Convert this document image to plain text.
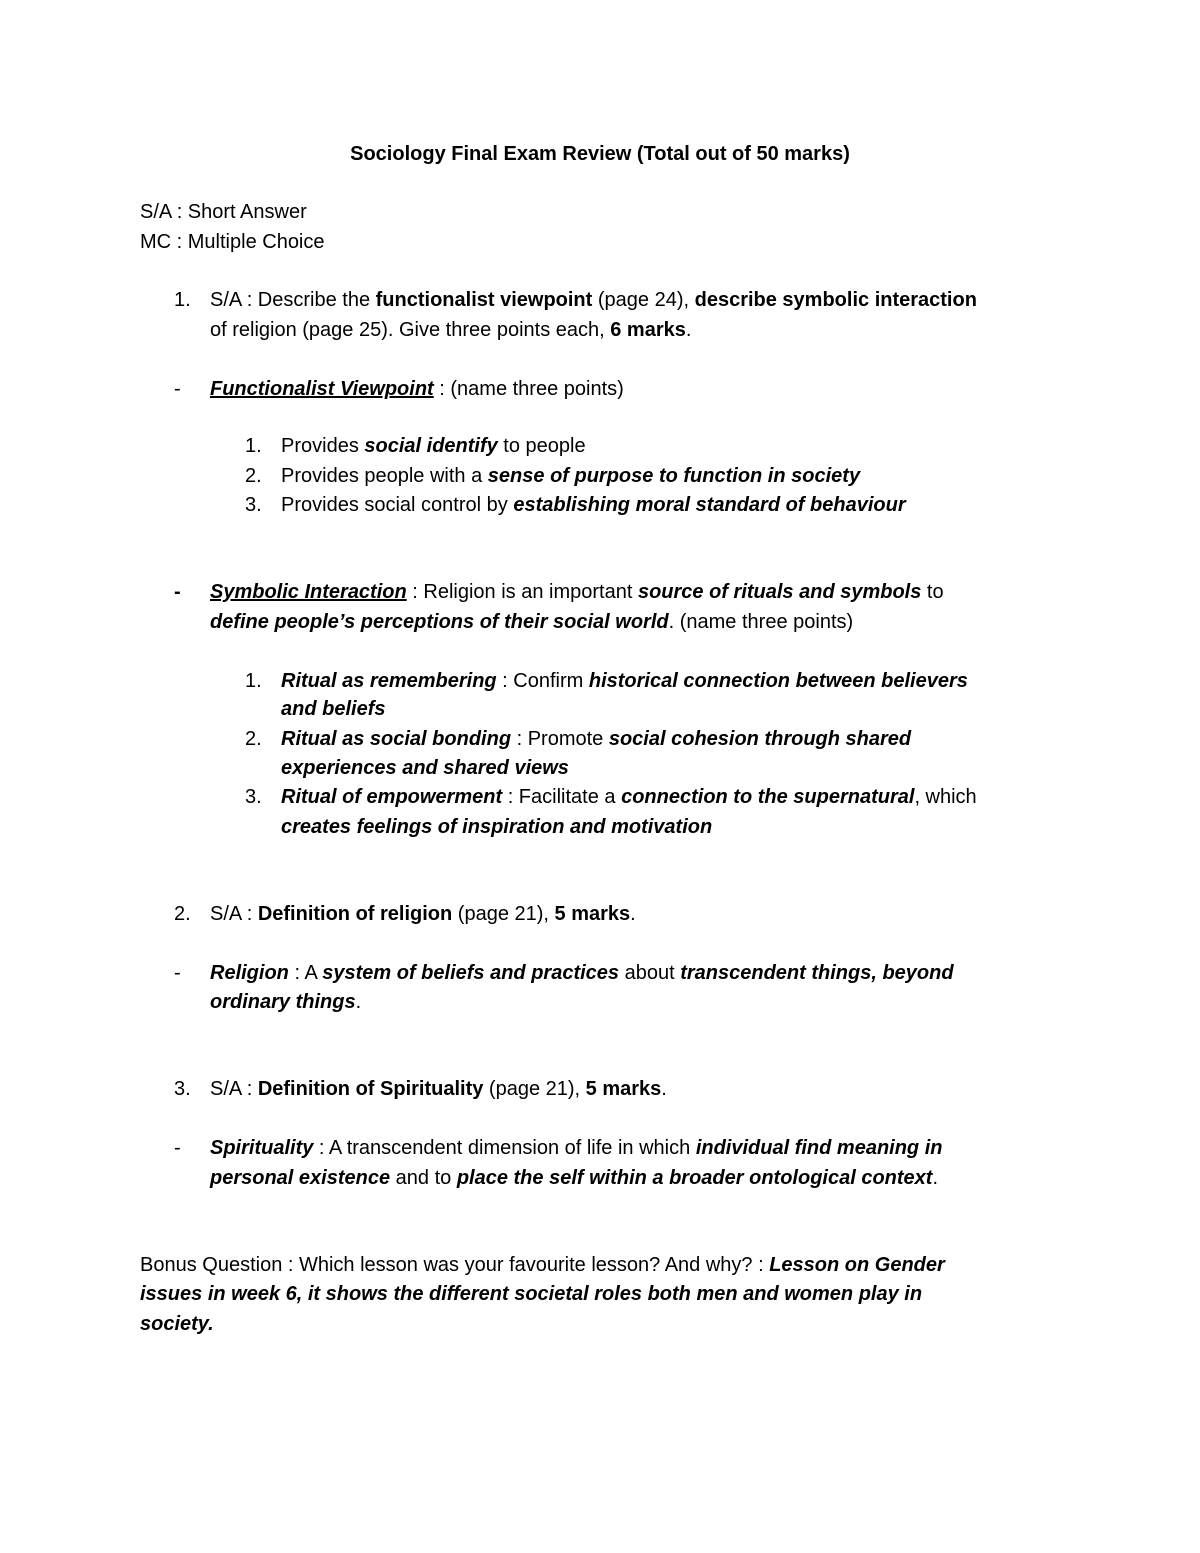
Sociology Final Exam Review (Total out of 50 marks)
S/A : Short Answer
MC : Multiple Choice
1. S/A : Describe the functionalist viewpoint (page 24), describe symbolic interaction
of religion (page 25). Give three points each, 6 marks.
- Functionalist Viewpoint : (name three points)
1. Provides social identify to people
2. Provides people with a sense of purpose to function in society
3. Provides social control by establishing moral standard of behaviour
- Symbolic Interaction : Religion is an important source of rituals and symbols to
define people’s perceptions of their social world. (name three points)
1. Ritual as remembering : Confirm historical connection between believers
and beliefs
2. Ritual as social bonding : Promote social cohesion through shared
experiences and shared views
3. Ritual of empowerment : Facilitate a connection to the supernatural, which
creates feelings of inspiration and motivation
2. S/A : Definition of religion (page 21), 5 marks.
- Religion : A system of beliefs and practices about transcendent things, beyond
ordinary things.
3. S/A : Definition of Spirituality (page 21), 5 marks.
- Spirituality : A transcendent dimension of life in which individual find meaning in
personal existence and to place the self within a broader ontological context.
Bonus Question : Which lesson was your favourite lesson? And why? : Lesson on Gender
issues in week 6, it shows the different societal roles both men and women play in
society.
